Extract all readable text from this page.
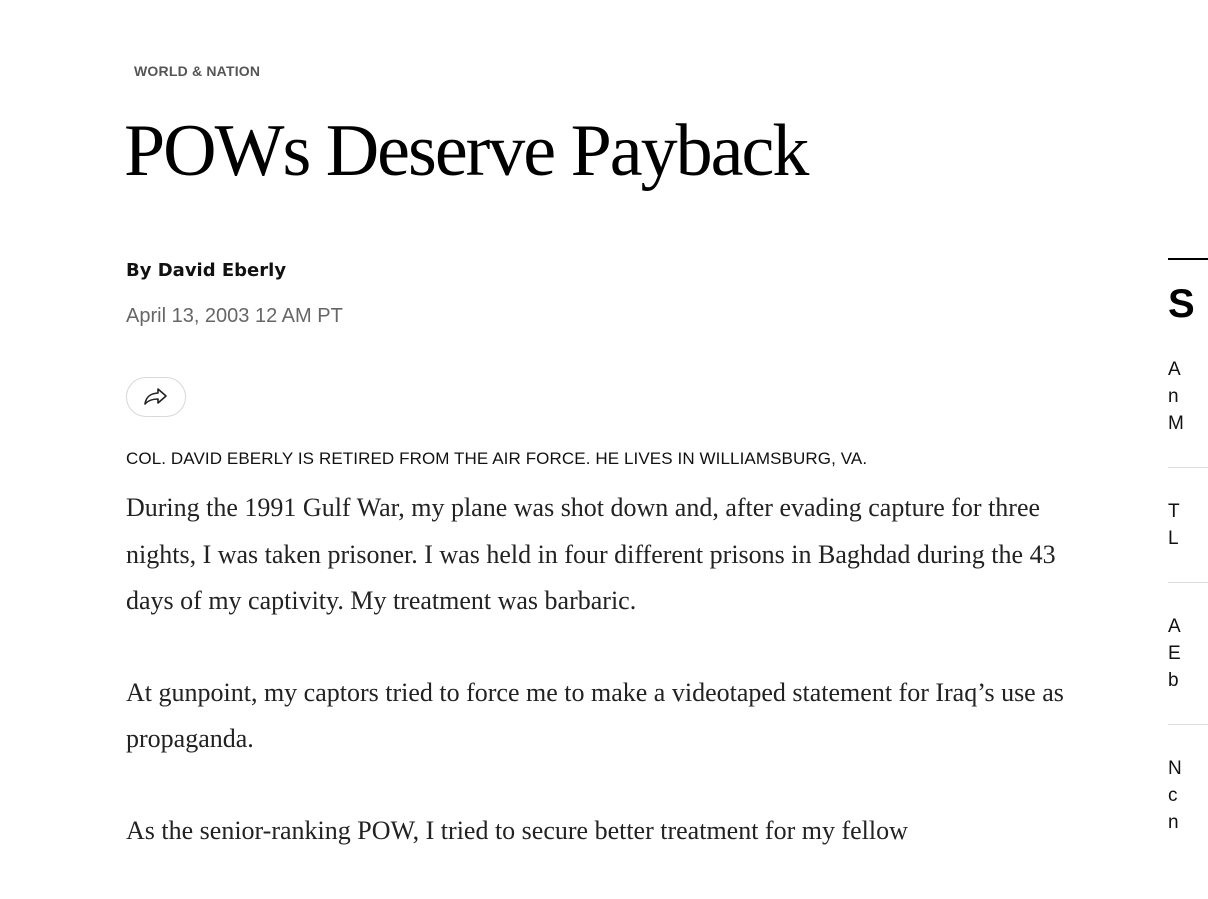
WORLD & NATION
POWs Deserve Payback
By David Eberly
April 13, 2003 12 AM PT
COL. DAVID EBERLY IS RETIRED FROM THE AIR FORCE. HE LIVES IN WILLIAMSBURG, VA.

During the 1991 Gulf War, my plane was shot down and, after evading capture for three nights, I was taken prisoner. I was held in four different prisons in Baghdad during the 43 days of my captivity. My treatment was barbaric.

At gunpoint, my captors tried to force me to make a videotaped statement for Iraq’s use as propaganda.

As the senior-ranking POW, I tried to secure better treatment for my fellow

S
A
n
M
T
L
A
E
b
N
c
n
